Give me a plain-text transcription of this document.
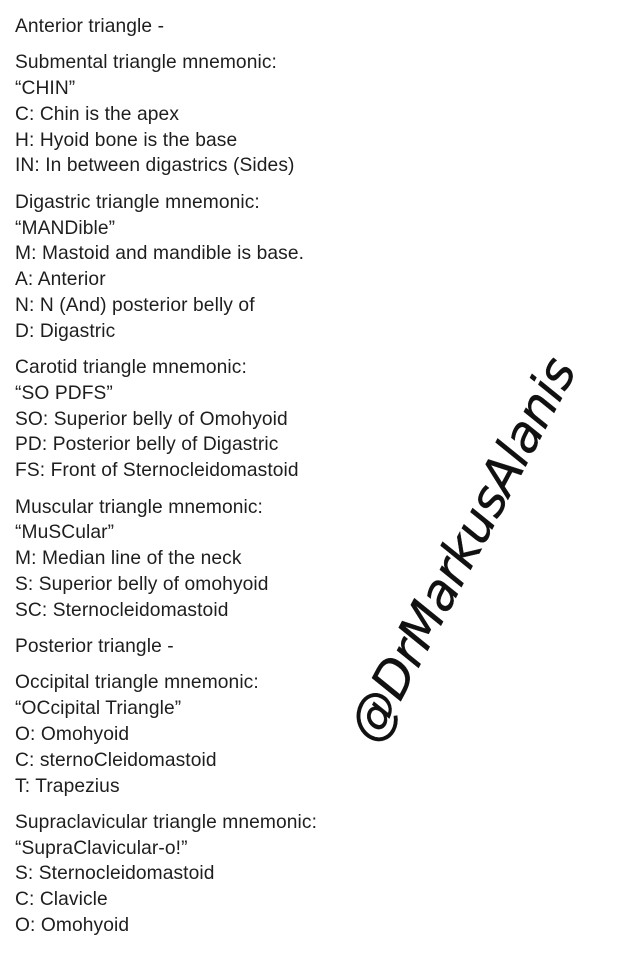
Anterior triangle -
Submental triangle mnemonic:
“CHIN”
C: Chin is the apex
H: Hyoid bone is the base
IN: In between digastrics (Sides)
Digastric triangle mnemonic:
“MANDible”
M: Mastoid and mandible is base.
A: Anterior
N: N (And) posterior belly of
D: Digastric
Carotid triangle mnemonic:
“SO PDFS”
SO: Superior belly of Omohyoid
PD: Posterior belly of Digastric
FS: Front of Sternocleidomastoid
Muscular triangle mnemonic:
“MuSCular”
M: Median line of the neck
S: Superior belly of omohyoid
SC: Sternocleidomastoid
Posterior triangle -
Occipital triangle mnemonic:
“OCcipital Triangle”
O: Omohyoid
C: sternoCleidomastoid
T: Trapezius
Supraclavicular triangle mnemonic:
“SupraClavicular-o!”
S: Sternocleidomastoid
C: Clavicle
O: Omohyoid
@DrMarkusAlanis
